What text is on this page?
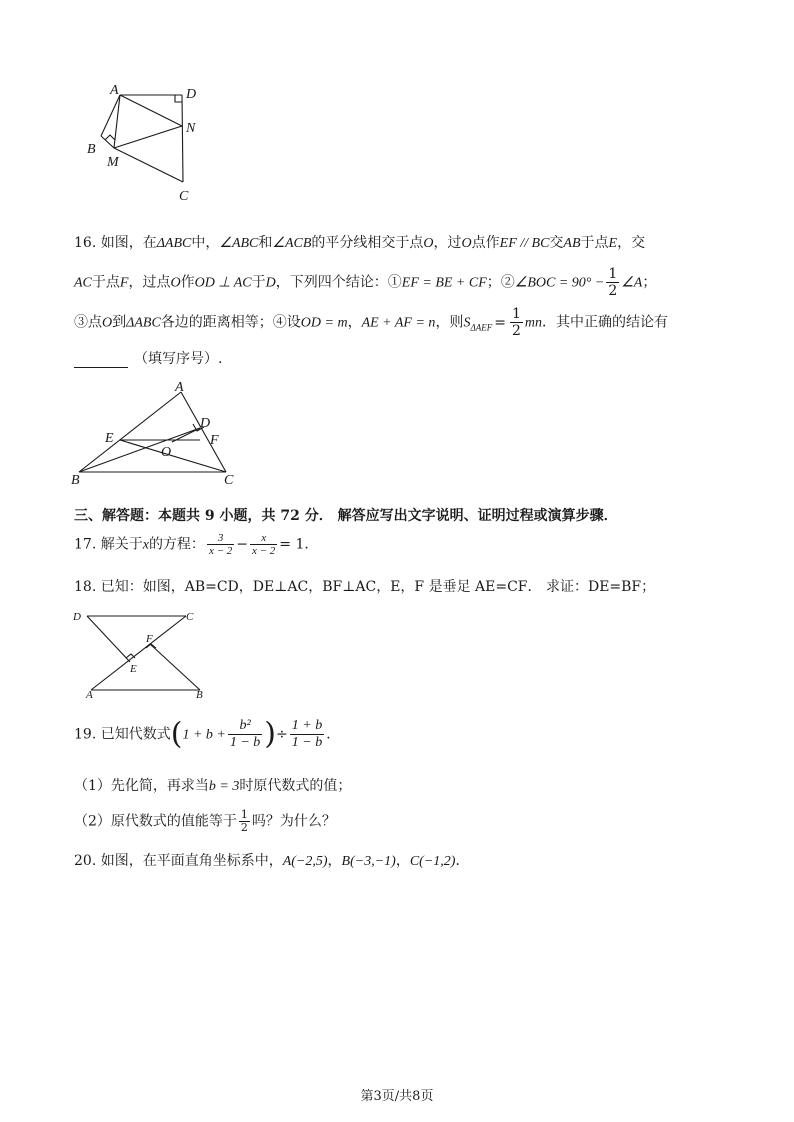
A	D
N
B
M
C
16. 如图，在ΔABC中，∠ABC和∠ACB的平分线相交于点O，过O点作EF // BC交AB于点E，交
AC于点F，过点O作OD ⊥ AC于D，下列四个结论：①EF = BE + CF；②∠BOC = $90^\circ - \frac{1}{2}$ ∠A；
③点O到ΔABC各边的距离相等；④设OD = m，AE + AF = n，则$S_{\Delta AEF} = \frac{1}{2}$ mn．其中正确的结论有
（填写序号）.
A
D
E	F
O
B	C
三、解答题：本题共 9 小题，共 72 分． 解答应写出文字说明、证明过程或演算步骤．
17. 解关于x的方程： $\frac{3}{x - 2} - \frac{x}{x - 2} = 1$．
18. 已知：如图，AB=CD，DE⊥AC，BF⊥AC，E，F 是垂足 AE=CF． 求证：DE=BF；
D	C
F
E
A	B
19. 已知代数式($1 + b + \frac{\text{b²}}{1 - b}$ )÷ $\frac{1 + b}{1 - b}$ ．
（1）先化简，再求当b = 3时原代数式的值；
（2）原代数式的值能等于 $\frac{1}{2}$ 吗？为什么？
20. 如图，在平面直角坐标系中，A(−2,5)，B(−3,−1)，C(−1,2)．
第3页/共8页
